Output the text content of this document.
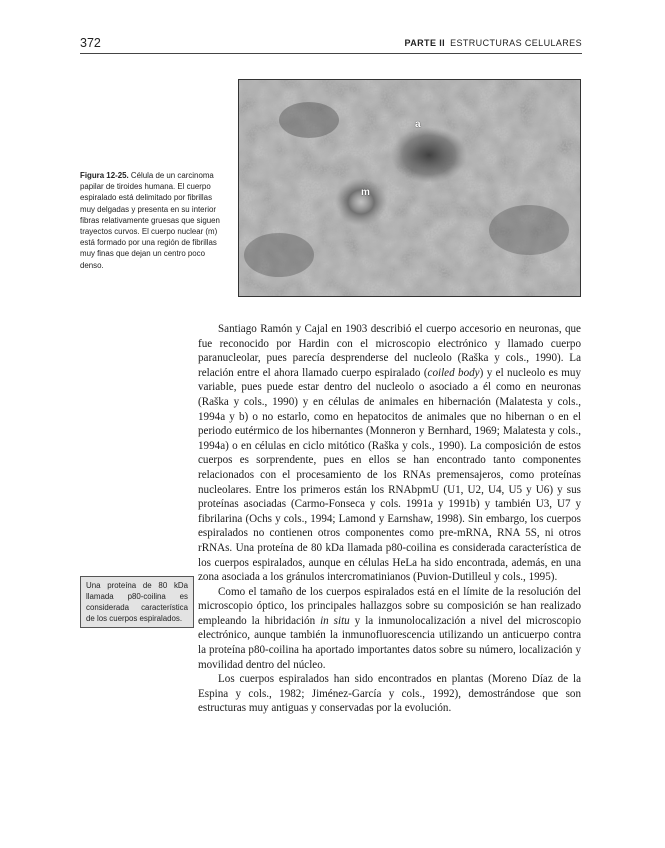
372	PARTE II ESTRUCTURAS CELULARES
a
m
Figura 12-25. Célula de un carcinoma papilar de tiroides humana. El cuerpo espiralado está delimitado por fibrillas muy delgadas y presenta en su interior fibras relativamente gruesas que siguen trayectos curvos. El cuerpo nuclear (m) está formado por una región de fibrillas muy finas que dejan un centro poco denso.
Una proteína de 80 kDa llamada p80-coilina es considerada característica de los cuerpos espiralados.

Santiago Ramón y Cajal en 1903 describió el cuerpo accesorio en neuronas, que fue reconocido por Hardin con el microscopio electrónico y llamado cuerpo paranucleolar, pues parecía desprenderse del nucleolo (Raška y cols., 1990). La relación entre el ahora llamado cuerpo espiralado (coiled body) y el nucleolo es muy variable, pues puede estar dentro del nucleolo o asociado a él como en neuronas (Raška y cols., 1990) y en células de animales en hibernación (Malatesta y cols., 1994a y b) o no estarlo, como en hepatocitos de animales que no hibernan o en el periodo eutérmico de los hibernantes (Monneron y Bernhard, 1969; Malatesta y cols., 1994a) o en células en ciclo mitótico (Raška y cols., 1990). La composición de estos cuerpos es sorprendente, pues en ellos se han encontrado tanto componentes relacionados con el procesamiento de los RNAs premensajeros, como proteínas nucleolares. Entre los primeros están los RNAbpmU (U1, U2, U4, U5 y U6) y sus proteínas asociadas (Carmo-Fonseca y cols. 1991a y 1991b) y también U3, U7 y fibrilarina (Ochs y cols., 1994; Lamond y Earnshaw, 1998). Sin embargo, los cuerpos espiralados no contienen otros componentes como pre-mRNA, RNA 5S, ni otros rRNAs. Una proteína de 80 kDa llamada p80-coilina es considerada característica de los cuerpos espiralados, aunque en células HeLa ha sido encontrada, además, en una zona asociada a los gránulos intercromatinianos (Puvion-Dutilleul y cols., 1995).

Como el tamaño de los cuerpos espiralados está en el límite de la resolución del microscopio óptico, los principales hallazgos sobre su composición se han realizado empleando la hibridación in situ y la inmunolocalización a nivel del microscopio electrónico, aunque también la inmunofluorescencia utilizando un anticuerpo contra la proteína p80-coilina ha aportado importantes datos sobre su número, localización y movilidad dentro del núcleo.

Los cuerpos espiralados han sido encontrados en plantas (Moreno Díaz de la Espina y cols., 1982; Jiménez-García y cols., 1992), demostrándose que son estructuras muy antiguas y conservadas por la evolución.
